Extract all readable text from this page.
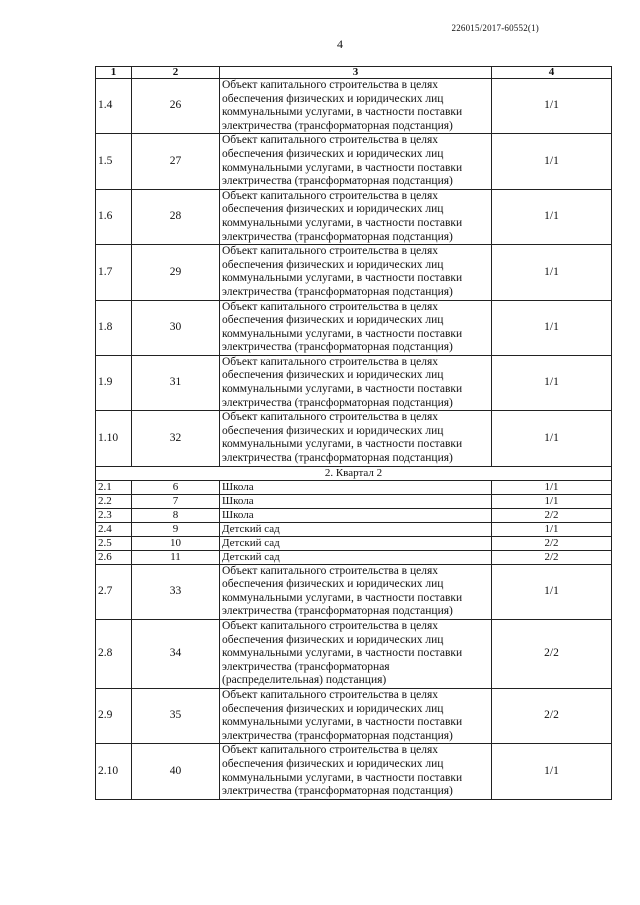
226015/2017-60552(1)
4
1	2	3	4
1.4	26	Объект капитального строительства в целях обеспечения физических и юридических лиц коммунальными услугами, в частности поставки электричества (трансформаторная подстанция)	1/1
1.5	27	Объект капитального строительства в целях обеспечения физических и юридических лиц коммунальными услугами, в частности поставки электричества (трансформаторная подстанция)	1/1
1.6	28	Объект капитального строительства в целях обеспечения физических и юридических лиц коммунальными услугами, в частности поставки электричества (трансформаторная подстанция)	1/1
1.7	29	Объект капитального строительства в целях обеспечения физических и юридических лиц коммунальными услугами, в частности поставки электричества (трансформаторная подстанция)	1/1
1.8	30	Объект капитального строительства в целях обеспечения физических и юридических лиц коммунальными услугами, в частности поставки электричества (трансформаторная подстанция)	1/1
1.9	31	Объект капитального строительства в целях обеспечения физических и юридических лиц коммунальными услугами, в частности поставки электричества (трансформаторная подстанция)	1/1
1.10	32	Объект капитального строительства в целях обеспечения физических и юридических лиц коммунальными услугами, в частности поставки электричества (трансформаторная подстанция)	1/1
2. Квартал 2			
2.1	6	Школа	1/1
2.2	7	Школа	1/1
2.3	8	Школа	2/2
2.4	9	Детский сад	1/1
2.5	10	Детский сад	2/2
2.6	11	Детский сад	2/2
2.7	33	Объект капитального строительства в целях обеспечения физических и юридических лиц коммунальными услугами, в частности поставки электричества (трансформаторная подстанция)	1/1
2.8	34	Объект капитального строительства в целях обеспечения физических и юридических лиц коммунальными услугами, в частности поставки электричества (трансформаторная (распределительная) подстанция)	2/2
2.9	35	Объект капитального строительства в целях обеспечения физических и юридических лиц коммунальными услугами, в частности поставки электричества (трансформаторная подстанция)	2/2
2.10	40	Объект капитального строительства в целях обеспечения физических и юридических лиц коммунальными услугами, в частности поставки электричества (трансформаторная подстанция)	1/1
